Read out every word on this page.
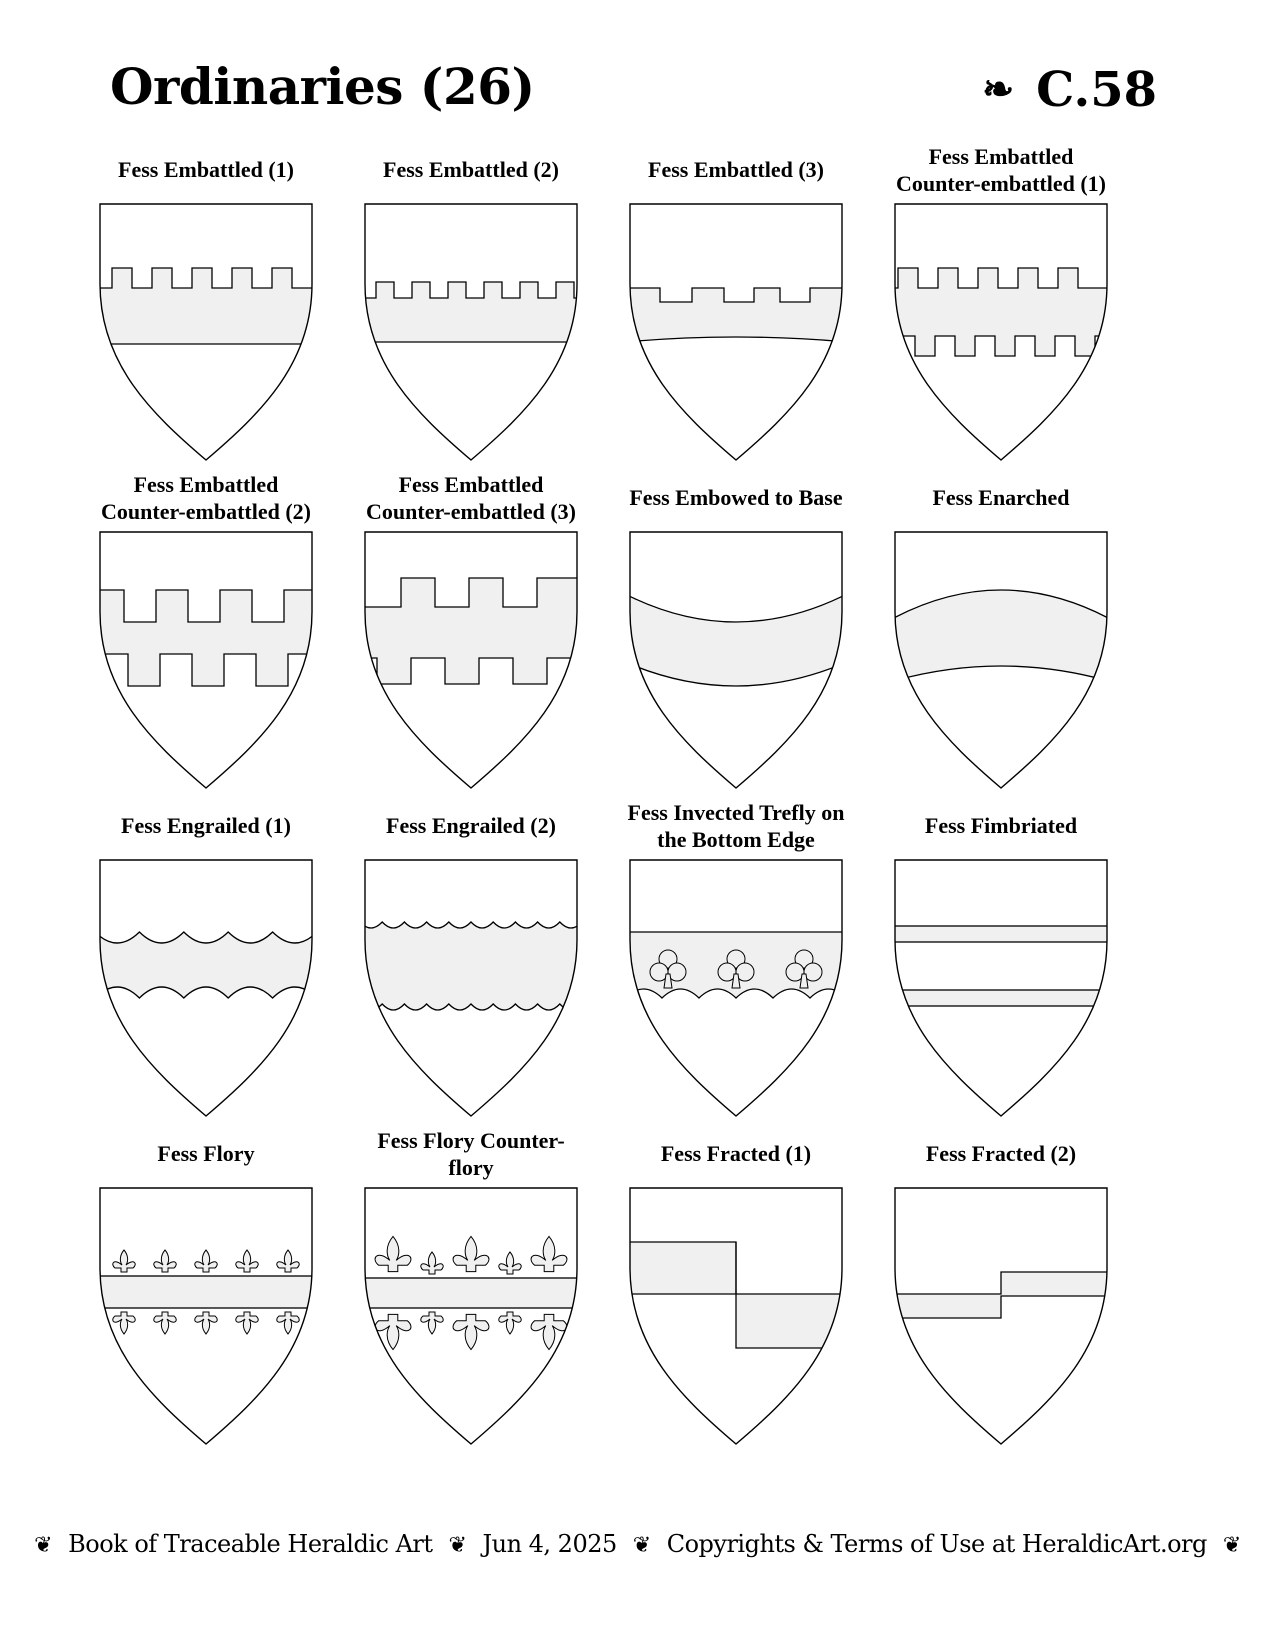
Ordinaries (26)	❧ C.58
Fess Embattled (1)	Fess Embattled (2)	Fess Embattled (3)
Fess Embattled
Counter-embattled (1)
Fess Embattled
Counter-embattled (2)
Fess Embattled
Counter-embattled (3)
Fess Embowed to Base	Fess Enarched
Fess Engrailed (1)	Fess Engrailed (2)
Fess Invected Trefly on
the Bottom Edge
Fess Fimbriated
Fess Flory
Fess Flory Counter-
flory
Fess Fracted (1)	Fess Fracted (2)
❦ Book of Traceable Heraldic Art ❦ Jun 4, 2025 ❦ Copyrights & Terms of Use at HeraldicArt.org ❦
